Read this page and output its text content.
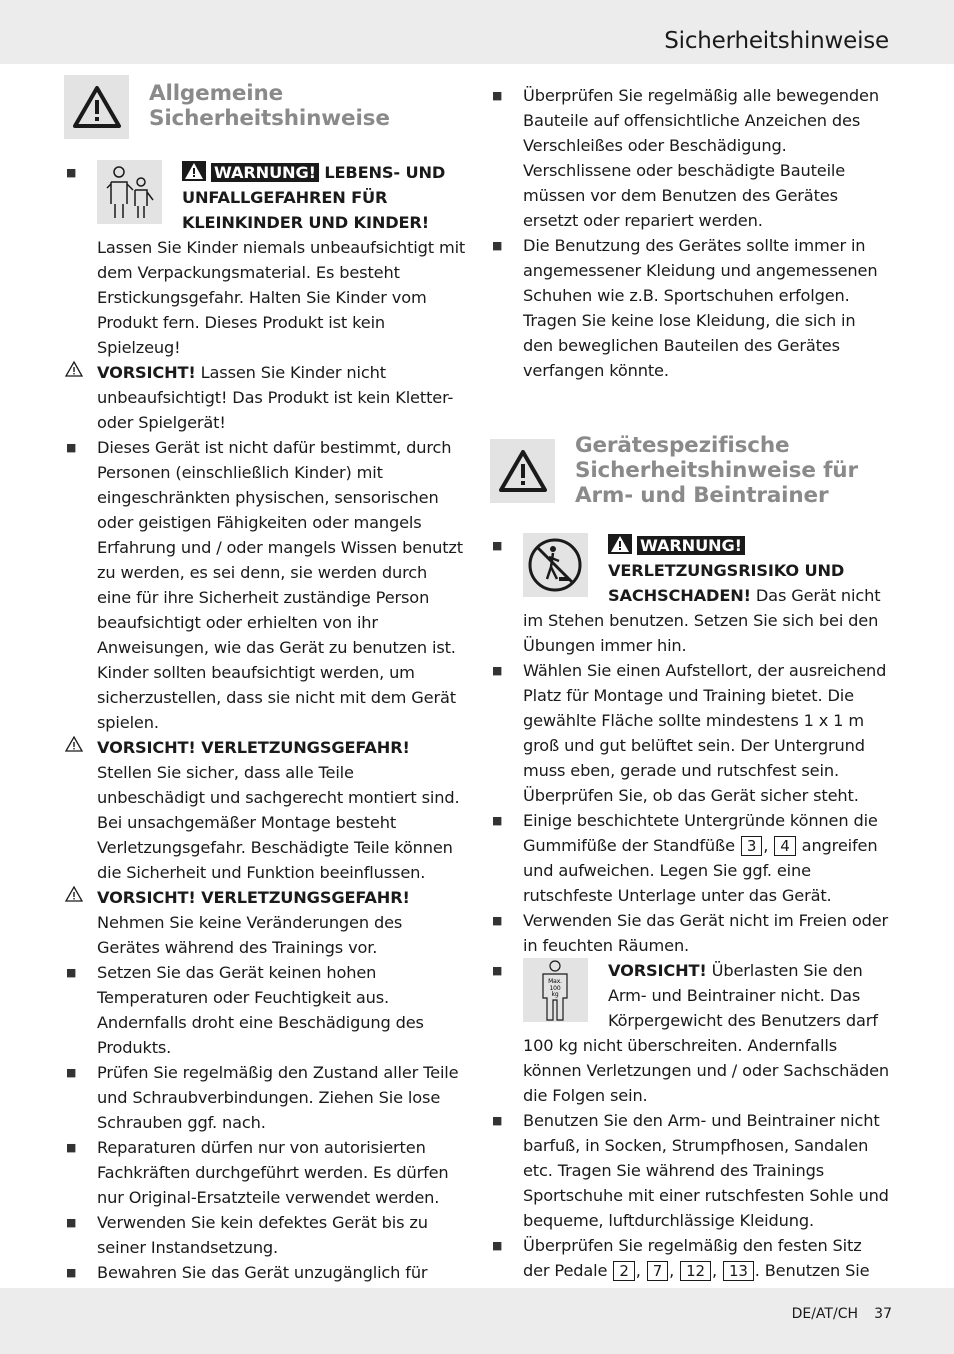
Sicherheitshinweise
Allgemeine
Sicherheitshinweise
■	WARNUNG! LEBENS- UND UNFALLGEFAHREN FÜR KLEINKINDER UND KINDER!

Lassen Sie Kinder niemals unbeaufsichtigt mit dem Verpackungsmaterial. Es besteht Erstickungsgefahr. Halten Sie Kinder vom Produkt fern. Dieses Produkt ist kein Spielzeug!

VORSICHT! Lassen Sie Kinder nicht unbeaufsichtigt! Das Produkt ist kein Kletter- oder Spielgerät!

■ Dieses Gerät ist nicht dafür bestimmt, durch Personen (einschließlich Kinder) mit eingeschränkten physischen, sensorischen oder geistigen Fähigkeiten oder mangels Erfahrung und / oder mangels Wissen benutzt zu werden, es sei denn, sie werden durch eine für ihre Sicherheit zuständige Person beaufsichtigt oder erhielten von ihr Anweisungen, wie das Gerät zu benutzen ist. Kinder sollten beaufsichtigt werden, um sicherzustellen, dass sie nicht mit dem Gerät spielen.

VORSICHT! VERLETZUNGSGEFAHR!

Stellen Sie sicher, dass alle Teile unbeschädigt und sachgerecht montiert sind. Bei unsachgemäßer Montage besteht Verletzungsgefahr. Beschädigte Teile können die Sicherheit und Funktion beeinflussen.

VORSICHT! VERLETZUNGSGEFAHR!

Nehmen Sie keine Veränderungen des Gerätes während des Trainings vor.

■ Setzen Sie das Gerät keinen hohen Temperaturen oder Feuchtigkeit aus. Andernfalls droht eine Beschädigung des Produkts.

■ Prüfen Sie regelmäßig den Zustand aller Teile und Schraubverbindungen. Ziehen Sie lose Schrauben ggf. nach.

■ Reparaturen dürfen nur von autorisierten Fachkräften durchgeführt werden. Es dürfen nur Original-Ersatzteile verwendet werden.

■ Verwenden Sie kein defektes Gerät bis zu seiner Instandsetzung.

■ Bewahren Sie das Gerät unzugänglich für

■ Überprüfen Sie regelmäßig alle bewegenden Bauteile auf offensichtliche Anzeichen des Verschleißes oder Beschädigung. Verschlissene oder beschädigte Bauteile müssen vor dem Benutzen des Gerätes ersetzt oder repariert werden.

■ Die Benutzung des Gerätes sollte immer in angemessener Kleidung und angemessenen Schuhen wie z.B. Sportschuhen erfolgen. Tragen Sie keine lose Kleidung, die sich in den beweglichen Bauteilen des Gerätes verfangen könnte.

Gerätespezifische
Sicherheitshinweise für
Arm- und Beintrainer
■	WARNUNG! VERLETZUNGSRISIKO UND SACHSCHADEN! Das Gerät nicht im Stehen benutzen. Setzen Sie sich bei den Übungen immer hin.

■ Wählen Sie einen Aufstellort, der ausreichend Platz für Montage und Training bietet. Die gewählte Fläche sollte mindestens 1 x 1 m groß und gut belüftet sein. Der Untergrund muss eben, gerade und rutschfest sein. Überprüfen Sie, ob das Gerät sicher steht.

■ Einige beschichtete Untergründe können die Gummifüße der Standfüße 3 , 4 angreifen und aufweichen. Legen Sie ggf. eine rutschfeste Unterlage unter das Gerät.

■ Verwenden Sie das Gerät nicht im Freien oder in feuchten Räumen.

■
Max.
100
kg

VORSICHT! Überlasten Sie den Arm- und Beintrainer nicht. Das Körpergewicht des Benutzers darf 100 kg nicht überschreiten. Andernfalls können Verletzungen und / oder Sachschäden die Folgen sein.

■ Benutzen Sie den Arm- und Beintrainer nicht barfuß, in Socken, Strumpfhosen, Sandalen etc. Tragen Sie während des Trainings Sportschuhe mit einer rutschfesten Sohle und bequeme, luftdurchlässige Kleidung.

■ Überprüfen Sie regelmäßig den festen Sitz der Pedale 2 , 7 , 12 , 13 . Benutzen Sie

DE/AT/CH 37
